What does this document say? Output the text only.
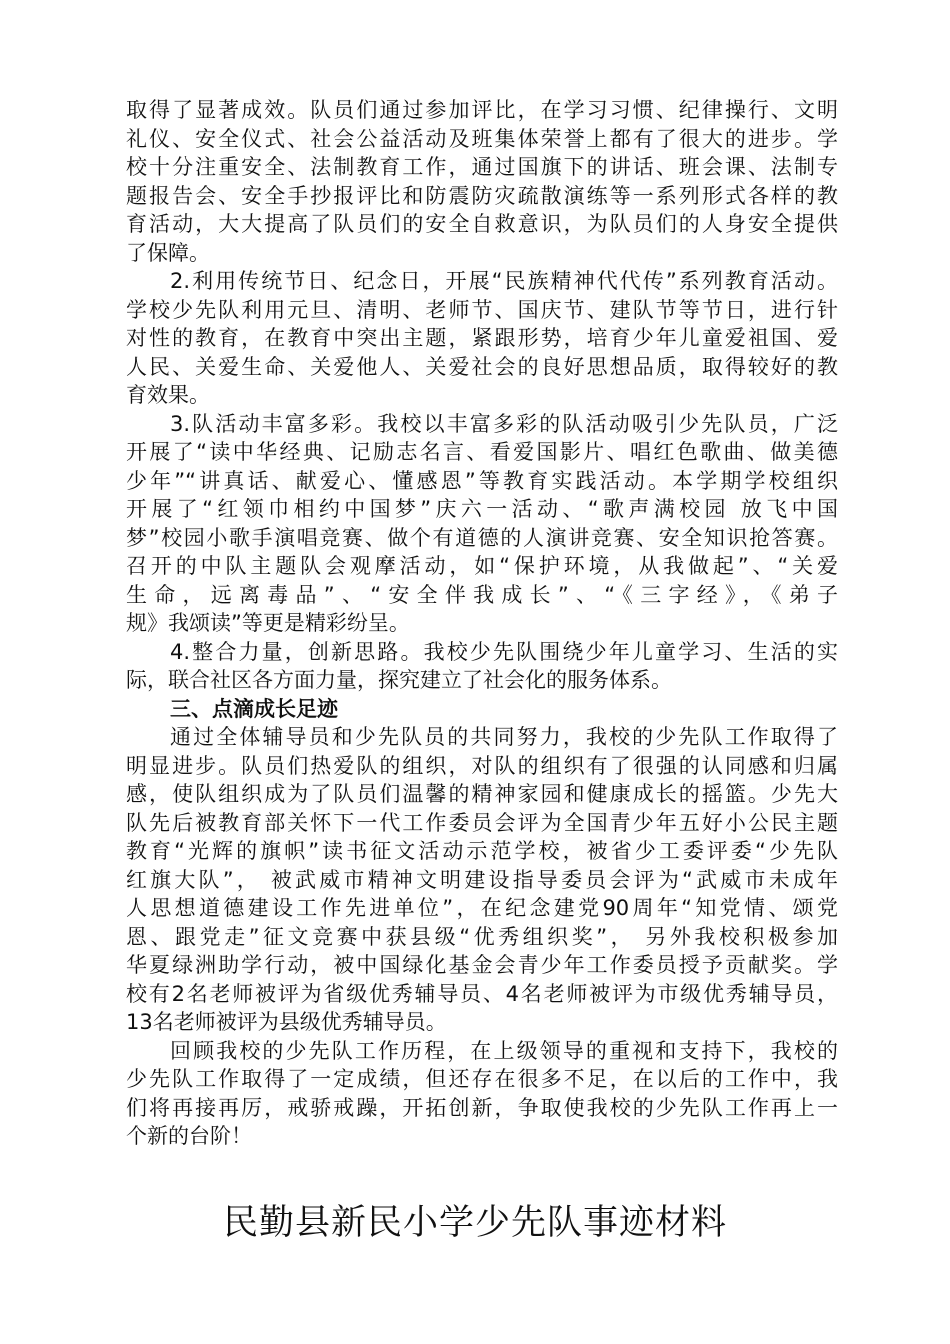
取得了显著成效。队员们通过参加评比，在学习习惯、纪律操行、文明
礼仪、安全仪式、社会公益活动及班集体荣誉上都有了很大的进步。学
校十分注重安全、法制教育工作，通过国旗下的讲话、班会课、法制专
题报告会、安全手抄报评比和防震防灾疏散演练等一系列形式各样的教
育活动，大大提高了队员们的安全自救意识，为队员们的人身安全提供
了保障。
2.利用传统节日、纪念日，开展“民族精神代代传”系列教育活动。
学校少先队利用元旦、清明、老师节、国庆节、建队节等节日，进行针
对性的教育，在教育中突出主题，紧跟形势，培育少年儿童爱祖国、爱
人民、关爱生命、关爱他人、关爱社会的良好思想品质，取得较好的教
育效果。
3.队活动丰富多彩。我校以丰富多彩的队活动吸引少先队员，广泛
开展了“读中华经典、记励志名言、看爱国影片、唱红色歌曲、做美德
少年”“讲真话、献爱心、懂感恩”等教育实践活动。本学期学校组织
开展了“红领巾相约中国梦”庆六一活动、“歌声满校园 放飞中国
梦”校园小歌手演唱竞赛、做个有道德的人演讲竞赛、安全知识抢答赛。
召开的中队主题队会观摩活动，如“保护环境，从我做起”、“关爱
生命，远离毒品”、“安全伴我成长”、“《三字经》，《弟子
规》我颂读”等更是精彩纷呈。
4.整合力量，创新思路。我校少先队围绕少年儿童学习、生活的实
际，联合社区各方面力量，探究建立了社会化的服务体系。
三、点滴成长足迹
通过全体辅导员和少先队员的共同努力，我校的少先队工作取得了
明显进步。队员们热爱队的组织，对队的组织有了很强的认同感和归属
感，使队组织成为了队员们温馨的精神家园和健康成长的摇篮。少先大
队先后被教育部关怀下一代工作委员会评为全国青少年五好小公民主题
教育“光辉的旗帜”读书征文活动示范学校，被省少工委评委“少先队
红旗大队”， 被武威市精神文明建设指导委员会评为“武威市未成年
人思想道德建设工作先进单位”，在纪念建党90周年“知党情、颂党
恩、跟党走”征文竞赛中获县级“优秀组织奖”， 另外我校积极参加
华夏绿洲助学行动，被中国绿化基金会青少年工作委员授予贡献奖。学
校有2名老师被评为省级优秀辅导员、4名老师被评为市级优秀辅导员，
13名老师被评为县级优秀辅导员。
回顾我校的少先队工作历程，在上级领导的重视和支持下，我校的
少先队工作取得了一定成绩，但还存在很多不足，在以后的工作中，我
们将再接再厉，戒骄戒躁，开拓创新，争取使我校的少先队工作再上一
个新的台阶！
民勤县新民小学少先队事迹材料
